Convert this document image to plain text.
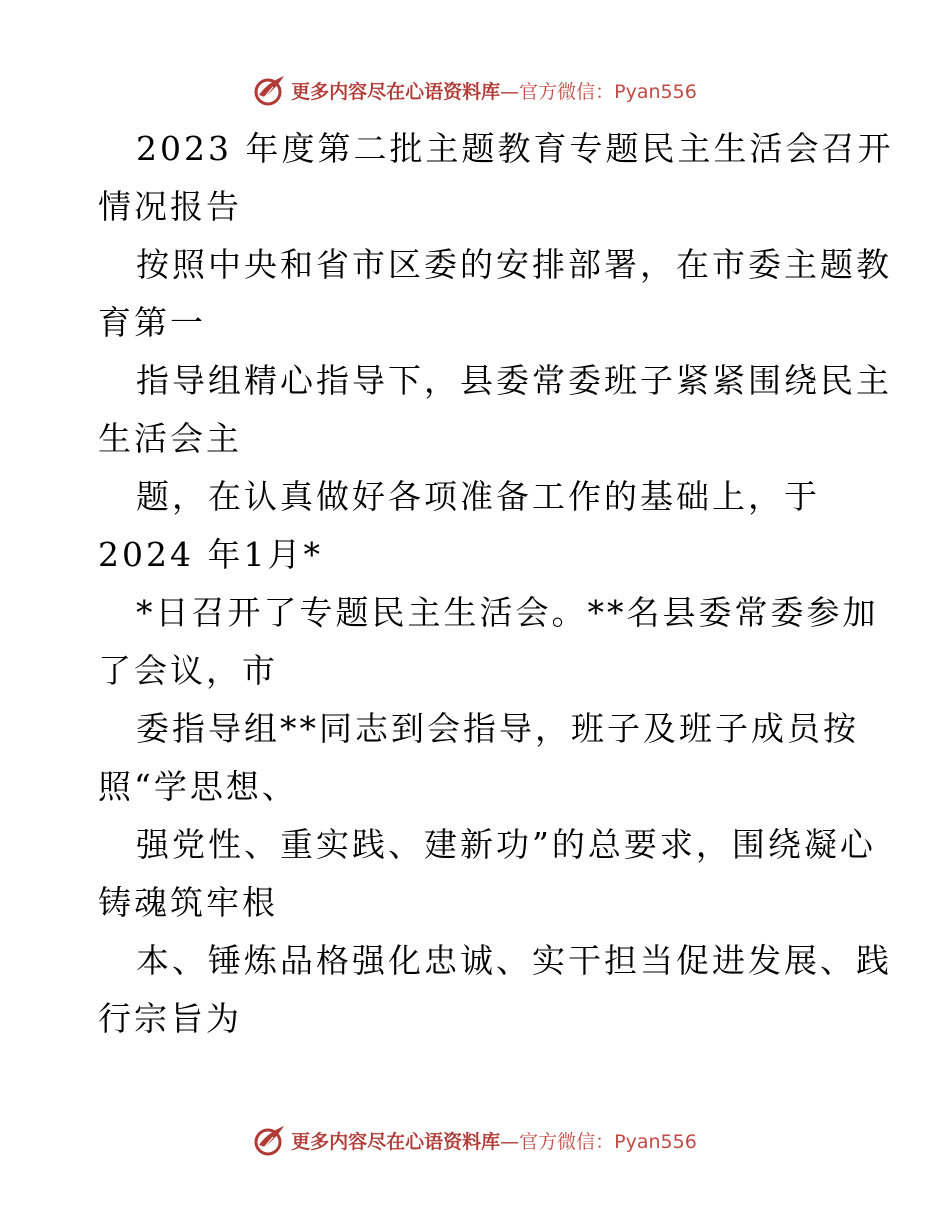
更多内容尽在心语资料库—官方微信：Pyan556
2023 年度第二批主题教育专题民主生活会召开
情况报告
按照中央和省市区委的安排部署，在市委主题教
育第一
指导组精心指导下，县委常委班子紧紧围绕民主
生活会主
题，在认真做好各项准备工作的基础上，于
2024 年1月*
*日召开了专题民主生活会。**名县委常委参加
了会议，市
委指导组**同志到会指导，班子及班子成员按
照“学思想、
强党性、重实践、建新功”的总要求，围绕凝心
铸魂筑牢根
本、锤炼品格强化忠诚、实干担当促进发展、践
行宗旨为
更多内容尽在心语资料库—官方微信：Pyan556
